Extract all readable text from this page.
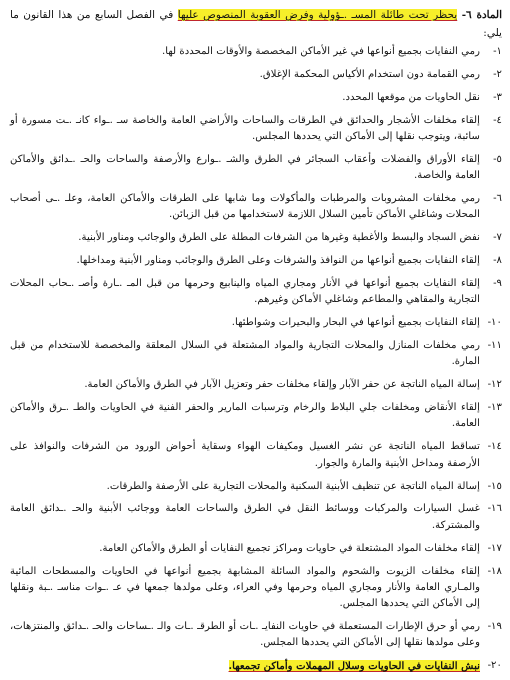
المادة ٦- يحظر تحت طائلة المسـ .ـؤولية وفرض العقوبة المنصوص عليها في الفصل السابع من هذا القانون ما يلي:

١-
رمي النفايات بجميع أنواعها في غير الأماكن المخصصة والأوقات المحددة لها.
٢-
رمي القمامة دون استخدام الأكياس المحكمة الإغلاق.
٣-
نقل الحاويات من موقعها المحدد.
٤-
إلقاء مخلفات الأشجار والحدائق في الطرقات والساحات والأراضي العامة والخاصة سـ .ـواء كانـ .ـت مسورة أو سائبة، ويتوجب نقلها إلى الأماكن التي يحددها المجلس.
٥-
إلقاء الأوراق والفضلات وأعقاب السجائر في الطرق والشـ .ـوارع والأرصفة والساحات والحـ .ـدائق والأماكن العامة والخاصة.
٦-
رمي مخلفات المشروبات والمرطبات والمأكولات وما شابها على الطرقات والأماكن العامة، وعلـ .ـى أصحاب المحلات وشاغلي الأماكن تأمين السلال اللازمة لاستخدامها من قبل الزبائن.
٧-
نفض السجاد والبسط والأغطية وغيرها من الشرفات المطلة على الطرق والوجائب ومناور الأبنية.
٨-
إلقاء النفايات بجميع أنواعها من النوافذ والشرفات وعلى الطرق والوجائب ومناور الأبنية ومداخلها.
٩-
إلقاء النفايات بجميع أنواعها في الأنار ومجاري المياه والينابيع وحرمها من قبل المـ .ـارة وأصـ .ـحاب المحلات التجارية والمقاهي والمطاعم وشاغلي الأماكن وغيرهم.
١٠-
إلقاء النفايات بجميع أنواعها في البحار والبحيرات وشواطئها.
١١-
رمي مخلفات المنازل والمحلات التجارية والمواد المشتعلة في السلال المعلقة والمخصصة للاستخدام من قبل المارة.
١٢-
إسالة المياه الناتجة عن حفر الآبار وإلقاء مخلفات حفر وتعزيل الآبار في الطرق والأماكن العامة.
١٣-
إلقاء الأنقاض ومخلفات جلي البلاط والرخام وترسبات المارير والحفر الفنية في الحاويات والطـ .ـرق والأماكن العامة.
١٤-
تساقط المياه الناتجة عن نشر الغسيل ومكيفات الهواء وسقاية أحواض الورود من الشرفات والنوافذ على الأرصفة ومداخل الأبنية والمارة والجوار.
١٥-
إسالة المياه الناتجة عن تنظيف الأبنية السكنية والمحلات التجارية على الأرصفة والطرقات.
١٦-
غسل السيارات والمركبات ووسائط النقل في الطرق والساحات العامة ووجائب الأبنية والحـ .ـدائق العامة والمشتركة.
١٧-
إلقاء مخلفات المواد المشتعلة في حاويات ومراكز تجميع النفايات أو الطرق والأماكن العامة.
١٨-
إلقاء مخلفات الزيوت والشحوم والمواد السائلة المشابهة بجميع أنواعها في الحاويات والمسطحات المائية والمـاري العامة والأنار ومجاري المياه وحرمها وفي العراء، وعلى مولدها جمعها في عـ .ـوات مناسـ .ـبة ونقلها إلى الأماكن التي يحددها المجلس.
١٩-
رمي أو حرق الإطارات المستعملة في حاويات النفايـ .ـات أو الطرقـ .ـات والـ .ـساحات والحـ .ـدائق والمنتزهات، وعلى مولدها نقلها إلى الأماكن التي يحددها المجلس.
٢٠-
نبش النفايات في الحاويات وسلال المهملات وأماكن تجمعها.
